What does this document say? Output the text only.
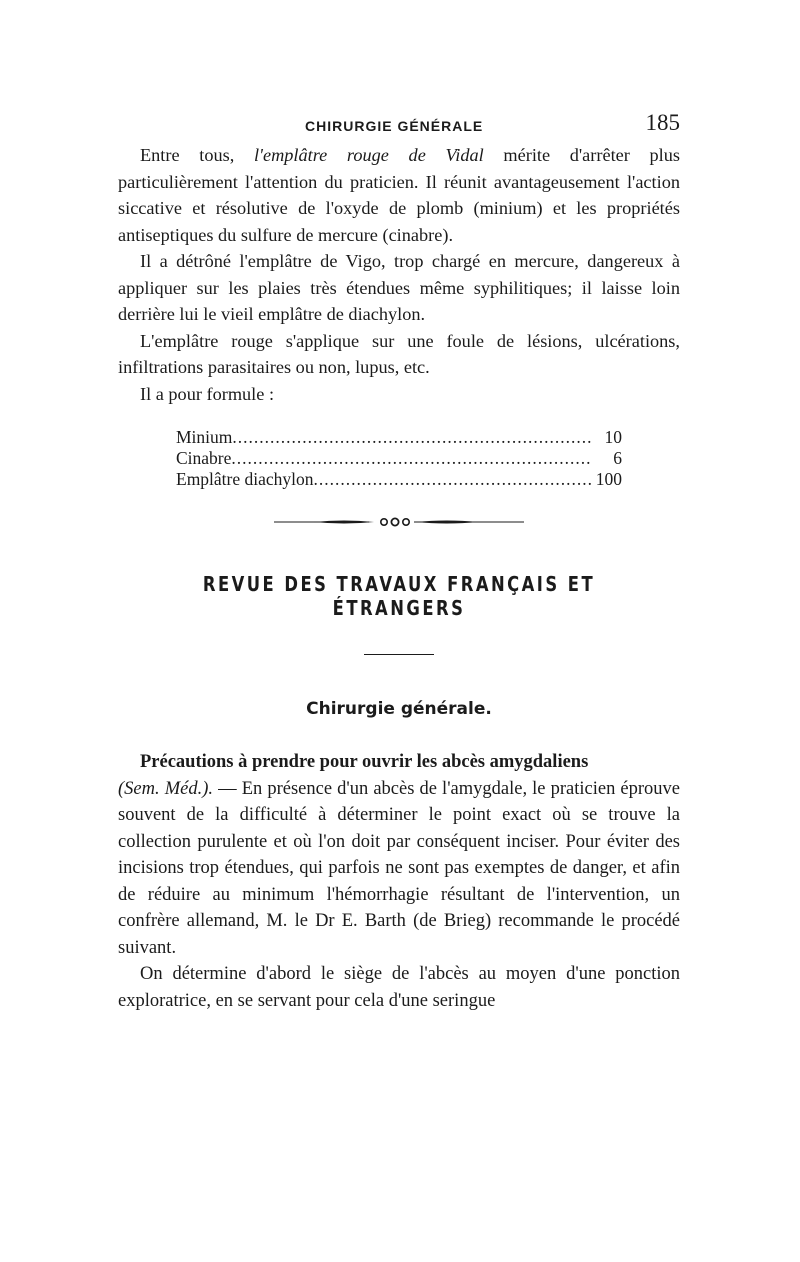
CHIRURGIE GÉNÉRALE	185

Entre tous, l'emplâtre rouge de Vidal mérite d'arrêter plus particulièrement l'attention du praticien. Il réunit avantageusement l'action siccative et résolutive de l'oxyde de plomb (minium) et les propriétés antiseptiques du sulfure de mercure (cinabre).

Il a détrôné l'emplâtre de Vigo, trop chargé en mercure, dangereux à appliquer sur les plaies très étendues même syphilitiques; il laisse loin derrière lui le vieil emplâtre de diachylon.

L'emplâtre rouge s'applique sur une foule de lésions, ulcérations, infiltrations parasitaires ou non, lupus, etc.

Il a pour formule :

Minium .....	10
Cinabre .....	6
Emplâtre diachylon .....	100
REVUE DES TRAVAUX FRANÇAIS ET ÉTRANGERS
Chirurgie générale.

Précautions à prendre pour ouvrir les abcès amygdaliens
(Sem. Méd.). — En présence d'un abcès de l'amygdale, le praticien éprouve souvent de la difficulté à déterminer le point exact où se trouve la collection purulente et où l'on doit par conséquent inciser. Pour éviter des incisions trop étendues, qui parfois ne sont pas exemptes de danger, et afin de réduire au minimum l'hémorrhagie résultant de l'intervention, un confrère allemand, M. le Dr E. Barth (de Brieg) recommande le procédé suivant.

On détermine d'abord le siège de l'abcès au moyen d'une ponction exploratrice, en se servant pour cela d'une seringue
